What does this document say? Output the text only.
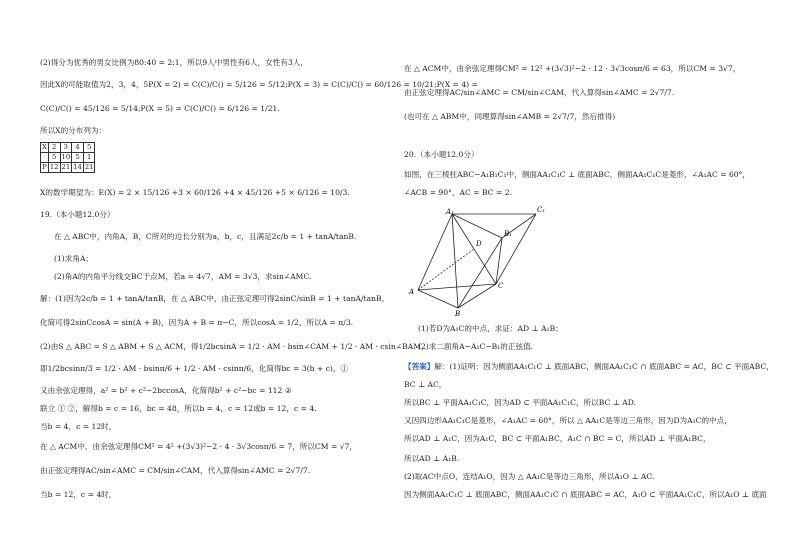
(2)得分为优秀的男女比例为80:40 = 2:1，所以9人中男性有6人，女性有3人，
因此X的可能取值为2，3，4，5P(X = 2) = C(C)/C() = 5/126 = 5/12;P(X = 3) = C(C)/C() = 60/126 = 10/21;P(X = 4) =
C(C)/C() = 45/126 = 5/14;P(X = 5) = C(C)/C() = 6/126 = 1/21.
所以X的分布列为：
X	2	3	4	5
	5	10	5	1
P	12	21	14	21
X的数学期望为：E(X) = 2 × 15/126 +3 × 60/126 +4 × 45/126 +5 × 6/126 = 10/3.
19.（本小题12.0分）
在 △ ABC中，内角A，B，C所对的边长分别为a，b，c，且满足2c/b = 1 + tanA/tanB.
(1)求角A；
(2)角A的内角平分线交BC于点M，若a = 4√7，AM = 3√3，求sin∠AMC.
解：(1)因为2c/b = 1 + tanA/tanB，在 △ ABC中，由正弦定理可得2sinC/sinB = 1 + tanA/tanB，
化简可得2sinCcosA = sin(A + B)，因为A + B = π−C，所以cosA = 1/2，所以A = π/3.
(2)由S △ ABC = S △ ABM + S △ ACM，得1/2bcsinA = 1/2 · AM · bsin∠CAM + 1/2 · AM · csin∠BAM，
即1/2bcsinπ/3 = 1/2 · AM · bsinπ/6 + 1/2 · AM · csinπ/6，化简得bc = 3(b + c)，①
又由余弦定理得，a² = b² + c²−2bccosA，化简得b² + c²−bc = 112 ②
联立 ① ②，解得b = c = 16，bc = 48，所以b = 4，c = 12或b = 12，c = 4.
当b = 4，c = 12时，
在 △ ACM中，由余弦定理得CM² = 4² +(3√3)²−2 · 4 · 3√3cosπ/6 = 7，所以CM = √7，
由正弦定理得AC/sin∠AMC = CM/sin∠CAM，代入算得sin∠AMC = 2√7/7.
当b = 12，c = 4时，
在 △ ACM中，由余弦定理得CM² = 12² +(3√3)²−2 · 12 · 3√3cosπ/6 = 63，所以CM = 3√7，
由正弦定理得AC/sin∠AMC = CM/sin∠CAM，代入算得sin∠AMC = 2√7/7.
(也可在 △ ABM中，同理算得sin∠AMB = 2√7/7，然后推得)
20.（本小题12.0分）
如图，在三棱柱ABC−A₁B₁C₁中，侧面AA₁C₁C ⊥ 底面ABC，侧面AA₁C₁C是菱形，∠A₁AC = 60°，
∠ACB = 90°，AC = BC = 2.
A₁	C₁
B₁
D
A
C
B
(1)若D为A₁C的中点，求证：AD ⊥ A₁B；
(2)求二面角A−A₁C−B₁的正弦值.
【答案】解：(1)证明：因为侧面AA₁C₁C ⊥ 底面ABC，侧面AA₁C₁C ∩ 底面ABC = AC，BC ⊂ 平面ABC，
BC ⊥ AC，
所以BC ⊥ 平面AA₁C₁C，因为AD ⊂ 平面AA₁C₁C，所以BC ⊥ AD.
又因四边形AA₁C₁C是菱形，∠A₁AC = 60°，所以 △ AA₁C是等边三角形，因为D为A₁C的中点，
所以AD ⊥ A₁C，因为A₁C，BC ⊂ 平面A₁BC，A₁C ∩ BC = C，所以AD ⊥ 平面A₁BC，
所以AD ⊥ A₁B.
(2)取AC中点O，连结A₁O，因为 △ AA₁C是等边三角形，所以A₁O ⊥ AC.
因为侧面AA₁C₁C ⊥ 底面ABC，侧面AA₁C₁C ∩ 底面ABC = AC，A₁O ⊂ 平面AA₁C₁C，所以A₁O ⊥ 底面
